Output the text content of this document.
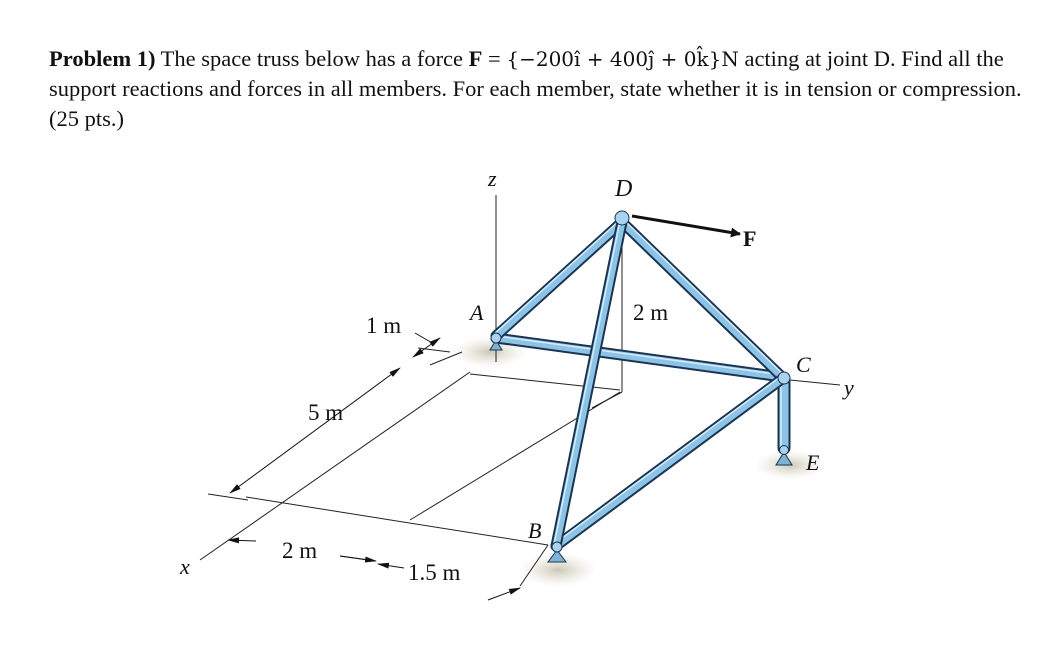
Problem 1) The space truss below has a force F = {−200ı̂ + 400ȷ̂ + 0k̂}N acting at joint D. Find all the support reactions and forces in all members. For each member, state whether it is in tension or compression. (25 pts.)
D
F
z
A
1 m
2 m
C
y
5 m
E
B
2 m
x	1.5 m
